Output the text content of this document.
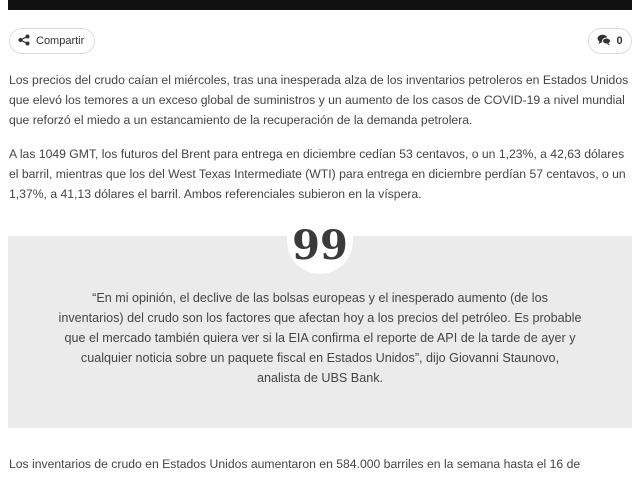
Compartir	0

Los precios del crudo caían el miércoles, tras una inesperada alza de los inventarios petroleros en Estados Unidos que elevó los temores a un exceso global de suministros y un aumento de los casos de COVID-19 a nivel mundial que reforzó el miedo a un estancamiento de la recuperación de la demanda petrolera.

A las 1049 GMT, los futuros del Brent para entrega en diciembre cedían 53 centavos, o un 1,23%, a 42,63 dólares el barril, mientras que los del West Texas Intermediate (WTI) para entrega en diciembre perdían 57 centavos, o un 1,37%, a 41,13 dólares el barril. Ambos referenciales subieron en la víspera.

99

“En mi opinión, el declive de las bolsas europeas y el inesperado aumento (de los inventarios) del crudo son los factores que afectan hoy a los precios del petróleo. Es probable que el mercado también quiera ver si la EIA confirma el reporte de API de la tarde de ayer y cualquier noticia sobre un paquete fiscal en Estados Unidos”, dijo Giovanni Staunovo, analista de UBS Bank.

Los inventarios de crudo en Estados Unidos aumentaron en 584.000 barriles en la semana hasta el 16 de
